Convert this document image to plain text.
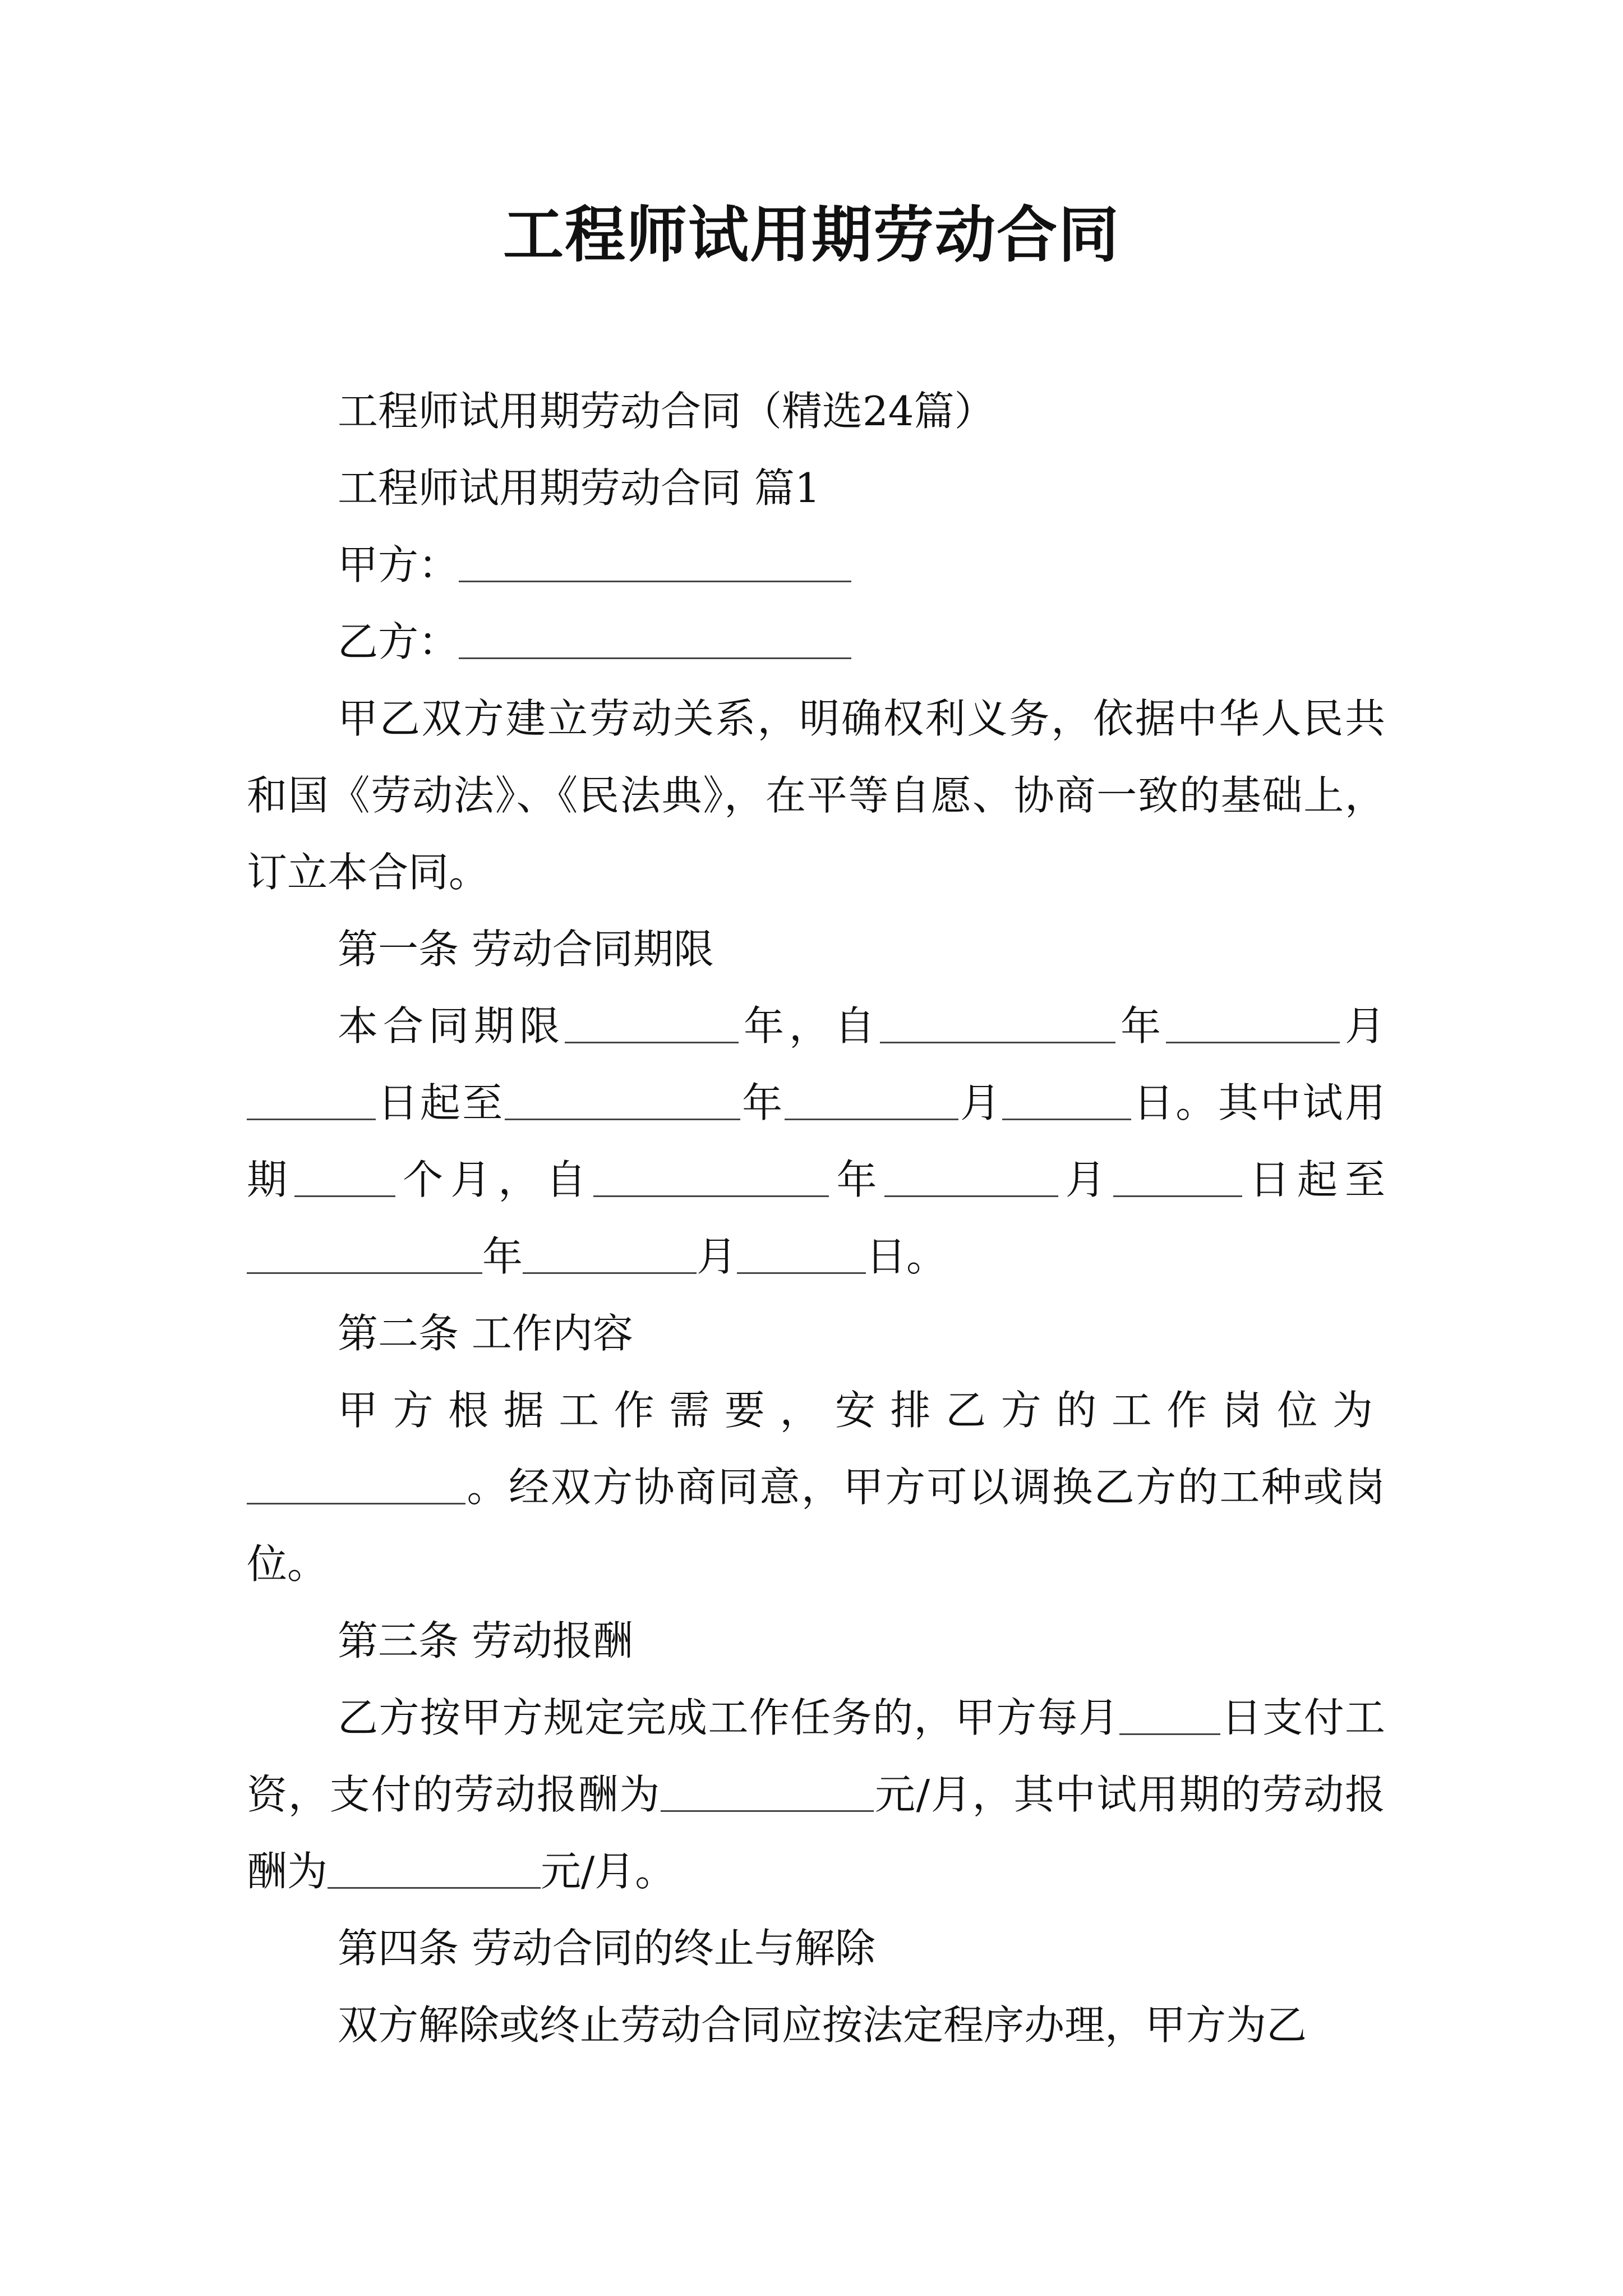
工程师试用期劳动合同

工程师试用期劳动合同（精选24篇）

工程师试用期劳动合同 篇1

甲方：

乙方：

甲乙双方建立劳动关系，明确权利义务，依据中华人民共和国《劳动法》、《民法典》，在平等自愿、协商一致的基础上，订立本合同。

第一条 劳动合同期限

本合同期限	年，自	年	月日起至	年	月	日。其中试用期	个月，自	年	月	日起至年	月	日。

第二条 工作内容

甲方根据工作需要，安排乙方的工作岗位为。经双方协商同意，甲方可以调换乙方的工种或岗位。

第三条 劳动报酬

乙方按甲方规定完成工作任务的，甲方每月	日支付工资，支付的劳动报酬为	元/月，其中试用期的劳动报酬为	元/月。

第四条 劳动合同的终止与解除

双方解除或终止劳动合同应按法定程序办理，甲方为乙
